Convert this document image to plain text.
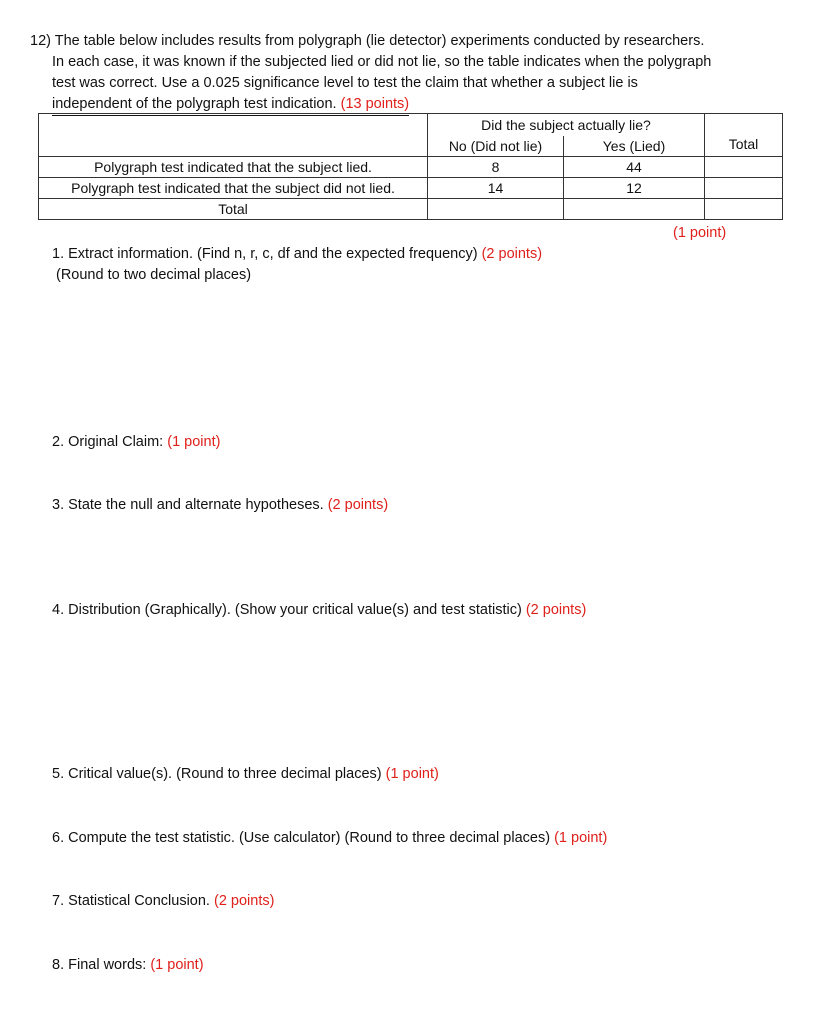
12) The table below includes results from polygraph (lie detector) experiments conducted by researchers.
In each case, it was known if the subjected lied or did not lie, so the table indicates when the polygraph
test was correct. Use a 0.025 significance level to test the claim that whether a subject lie is
independent of the polygraph test indication. (13 points)
	Did the subject actually lie?		
	No (Did not lie)	Yes (Lied)	Total
Polygraph test indicated that the subject lied.	8	44	
Polygraph test indicated that the subject did not lied.	14	12	
Total			
(1 point)
1. Extract information. (Find n, r, c, df and the expected frequency) (2 points)
(Round to two decimal places)
2. Original Claim: (1 point)
3. State the null and alternate hypotheses. (2 points)
4. Distribution (Graphically). (Show your critical value(s) and test statistic) (2 points)
5. Critical value(s). (Round to three decimal places) (1 point)
6. Compute the test statistic. (Use calculator) (Round to three decimal places) (1 point)
7. Statistical Conclusion. (2 points)
8. Final words: (1 point)
